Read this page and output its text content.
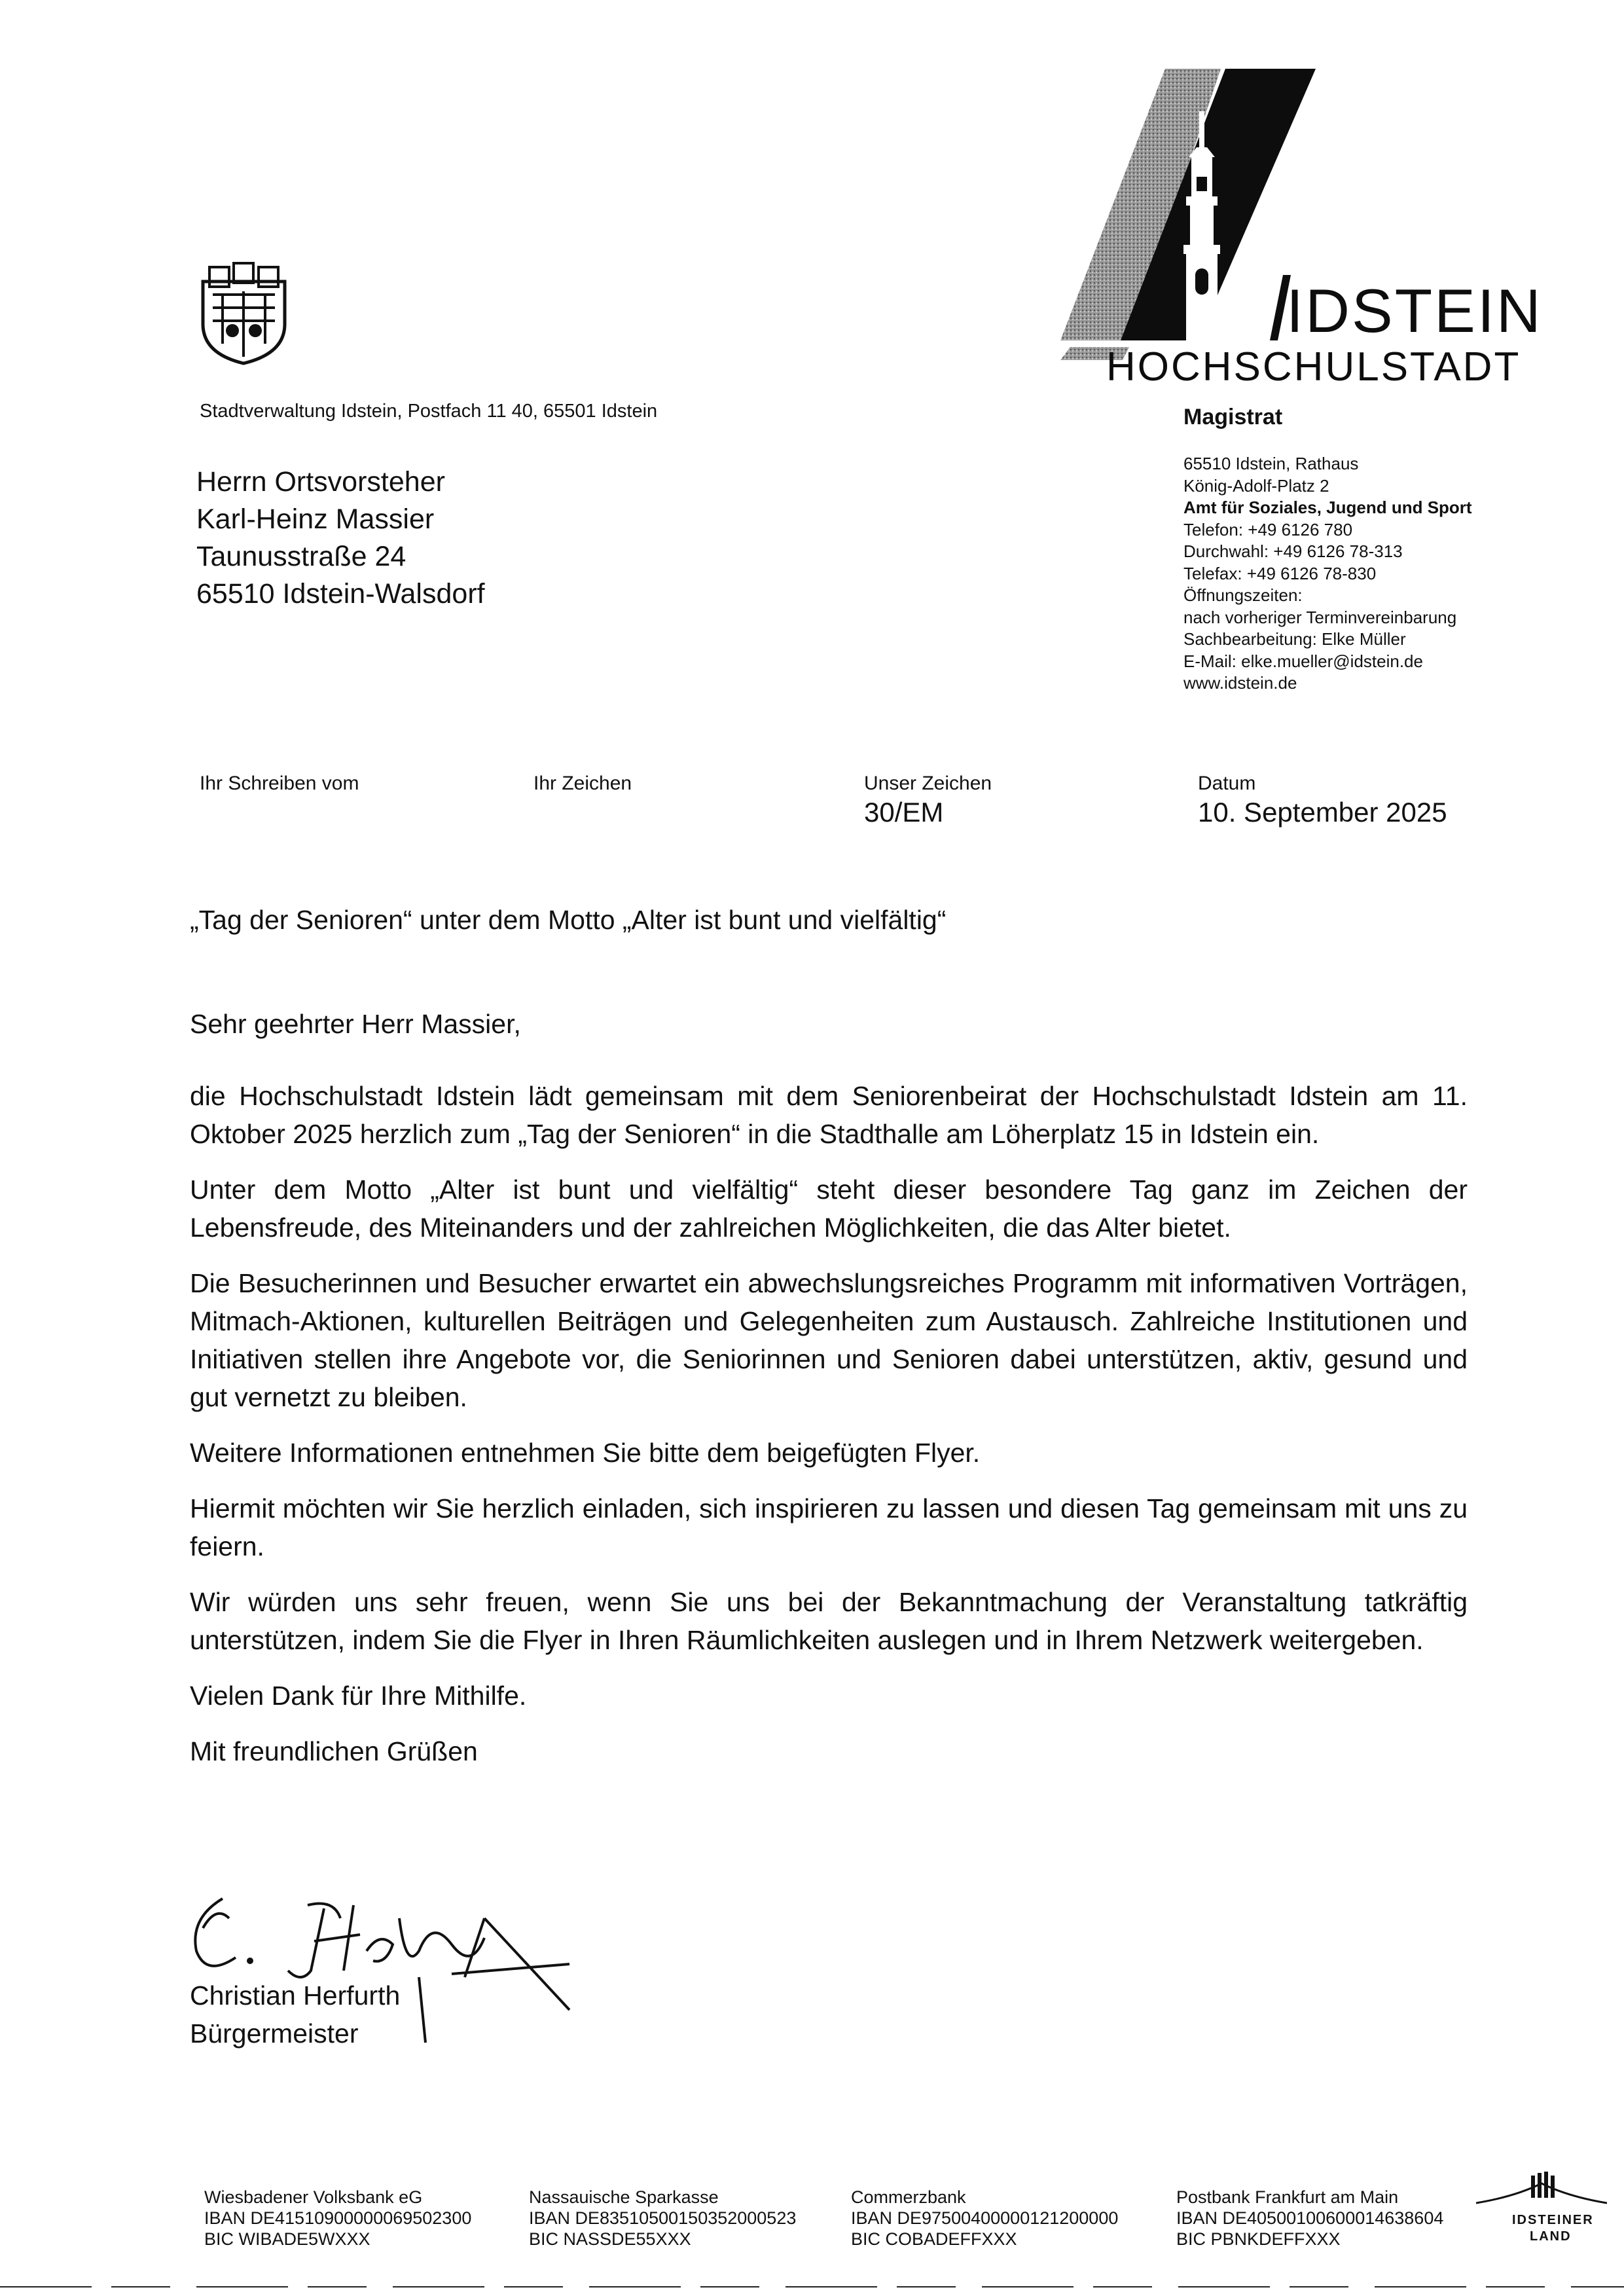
IDSTEIN
HOCHSCHULSTADT
Magistrat
Stadtverwaltung Idstein, Postfach 11 40, 65501 Idstein
Herrn Ortsvorsteher
Karl-Heinz Massier
Taunusstraße 24
65510 Idstein-Walsdorf
65510 Idstein, Rathaus
König-Adolf-Platz 2
Amt für Soziales, Jugend und Sport
Telefon: +49 6126 780
Durchwahl: +49 6126 78-313
Telefax: +49 6126 78-830
Öffnungszeiten:
nach vorheriger Terminvereinbarung
Sachbearbeitung: Elke Müller
E-Mail: elke.mueller@idstein.de
www.idstein.de
Ihr Schreiben vom	Ihr Zeichen	Unser Zeichen
30/EM
Datum
10. September 2025
„Tag der Senioren“ unter dem Motto „Alter ist bunt und vielfältig“
Sehr geehrter Herr Massier,

die Hochschulstadt Idstein lädt gemeinsam mit dem Seniorenbeirat der Hochschulstadt Idstein am 11. Oktober 2025 herzlich zum „Tag der Senioren“ in die Stadthalle am Löherplatz 15 in Idstein ein.

Unter dem Motto „Alter ist bunt und vielfältig“ steht dieser besondere Tag ganz im Zeichen der Lebensfreude, des Miteinanders und der zahlreichen Möglichkeiten, die das Alter bietet.

Die Besucherinnen und Besucher erwartet ein abwechslungsreiches Programm mit informativen Vorträgen, Mitmach-Aktionen, kulturellen Beiträgen und Gelegenheiten zum Austausch. Zahlreiche Institutionen und Initiativen stellen ihre Angebote vor, die Seniorinnen und Senioren dabei unterstützen, aktiv, gesund und gut vernetzt zu bleiben.

Weitere Informationen entnehmen Sie bitte dem beigefügten Flyer.

Hiermit möchten wir Sie herzlich einladen, sich inspirieren zu lassen und diesen Tag gemeinsam mit uns zu feiern.

Wir würden uns sehr freuen, wenn Sie uns bei der Bekanntmachung der Veranstaltung tatkräftig unterstützen, indem Sie die Flyer in Ihren Räumlichkeiten auslegen und in Ihrem Netzwerk weitergeben.

Vielen Dank für Ihre Mithilfe.

Mit freundlichen Grüßen

Christian Herfurth
Bürgermeister
Wiesbadener Volksbank eG
IBAN DE41510900000069502300
BIC WIBADE5WXXX
Nassauische Sparkasse
IBAN DE83510500150352000523
BIC NASSDE55XXX
Commerzbank
IBAN DE97500400000121200000
BIC COBADEFFXXX
Postbank Frankfurt am Main
IBAN DE40500100600014638604
BIC PBNKDEFFXXX
IDSTEINER
LAND
